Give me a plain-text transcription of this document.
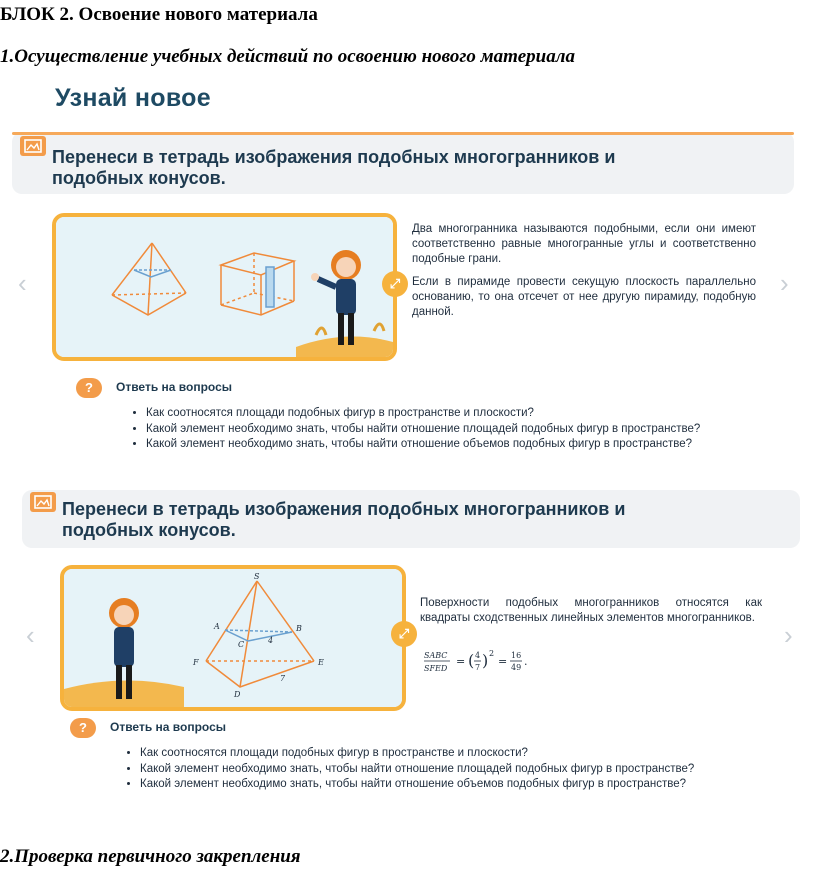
БЛОК 2. Освоение нового материала
1.Осуществление учебных действий по освоению нового материала
Узнай новое
Перенеси в тетрадь изображения подобных многогранников и
подобных конусов.
‹	›
⤢

Два многогранника называются подобными, если они имеют соответственно равные многогранные углы и соответственно подобные грани.

Если в пирамиде провести секущую плоскость параллельно основанию, то она отсечет от нее другую пирамиду, подобную данной.

?	Ответь на вопросы
• Как соотносятся площади подобных фигур в пространстве и плоскости?
• Какой элемент необходимо знать, чтобы найти отношение площадей подобных фигур в пространстве?
• Какой элемент необходимо знать, чтобы найти отношение объемов подобных фигур в пространстве?
Перенеси в тетрадь изображения подобных многогранников и
подобных конусов.
‹	›
S
A	B
C
F	E
D
4
7
⤢

Поверхности подобных многогранников относятся как квадраты сходственных линейных элементов многогранников.

SABC
SFED
= ( 4
7 ) 2
= 16
49 .
?	Ответь на вопросы
• Как соотносятся площади подобных фигур в пространстве и плоскости?
• Какой элемент необходимо знать, чтобы найти отношение площадей подобных фигур в пространстве?
• Какой элемент необходимо знать, чтобы найти отношение объемов подобных фигур в пространстве?
2.Проверка первичного закрепления
